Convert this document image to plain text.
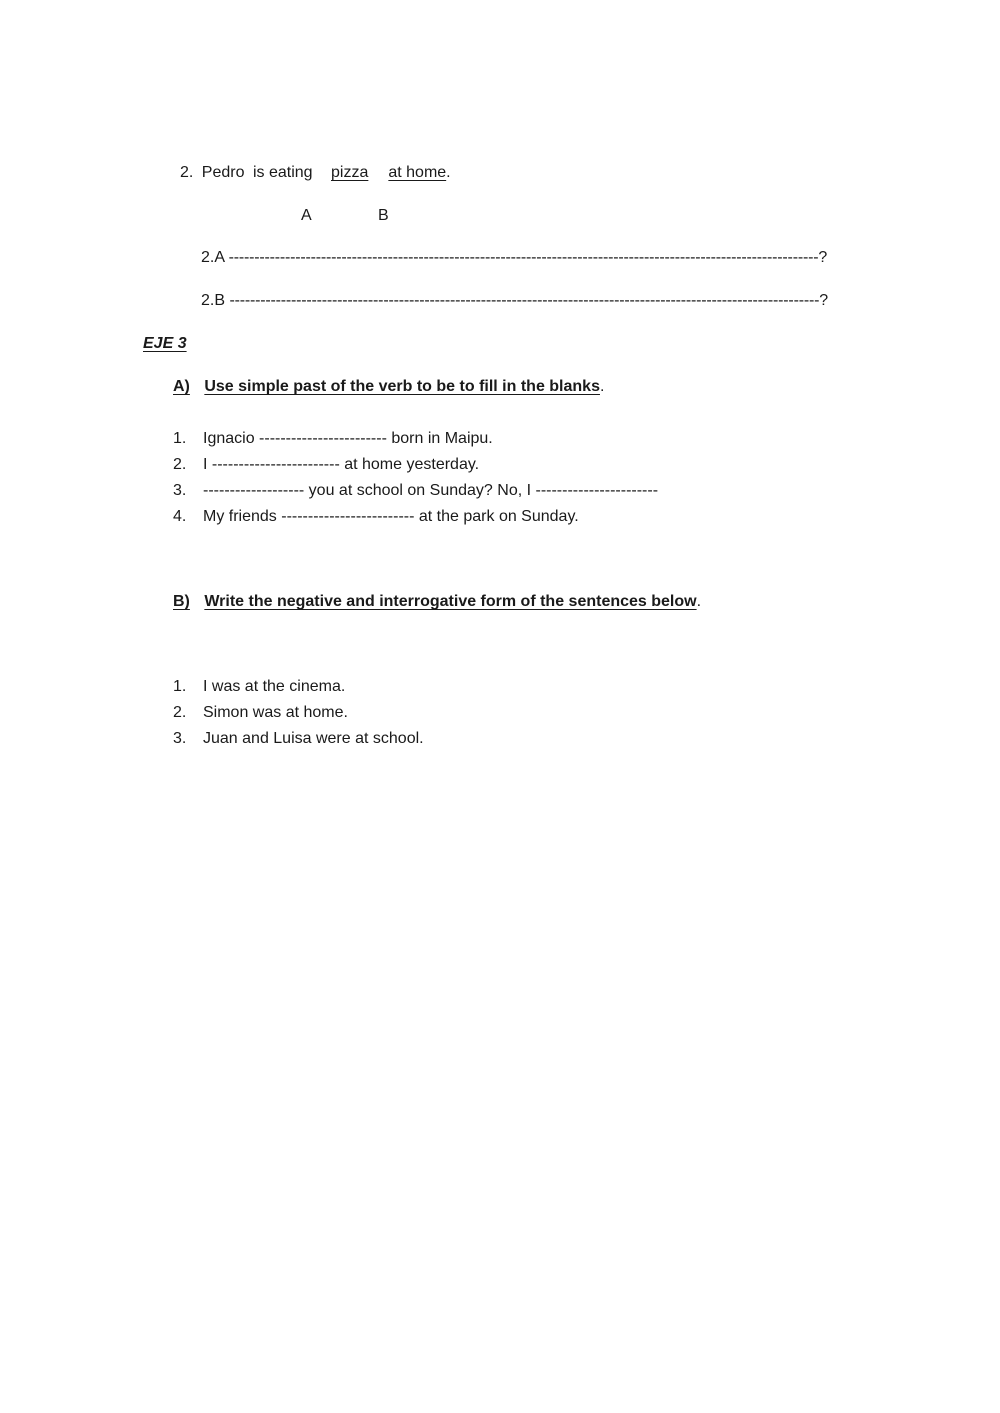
2. Pedro is eating pizza at home.
A	B
2.A -------------------------------------------------------------------------------------------------------------------?
2.B -------------------------------------------------------------------------------------------------------------------?
EJE 3
A) Use simple past of the verb to be to fill in the blanks.
1. Ignacio ------------------------ born in Maipu.
2. I ------------------------ at home yesterday.
3. ------------------- you at school on Sunday? No, I -----------------------
4. My friends ------------------------- at the park on Sunday.
B) Write the negative and interrogative form of the sentences below.
1. I was at the cinema.
2. Simon was at home.
3. Juan and Luisa were at school.
